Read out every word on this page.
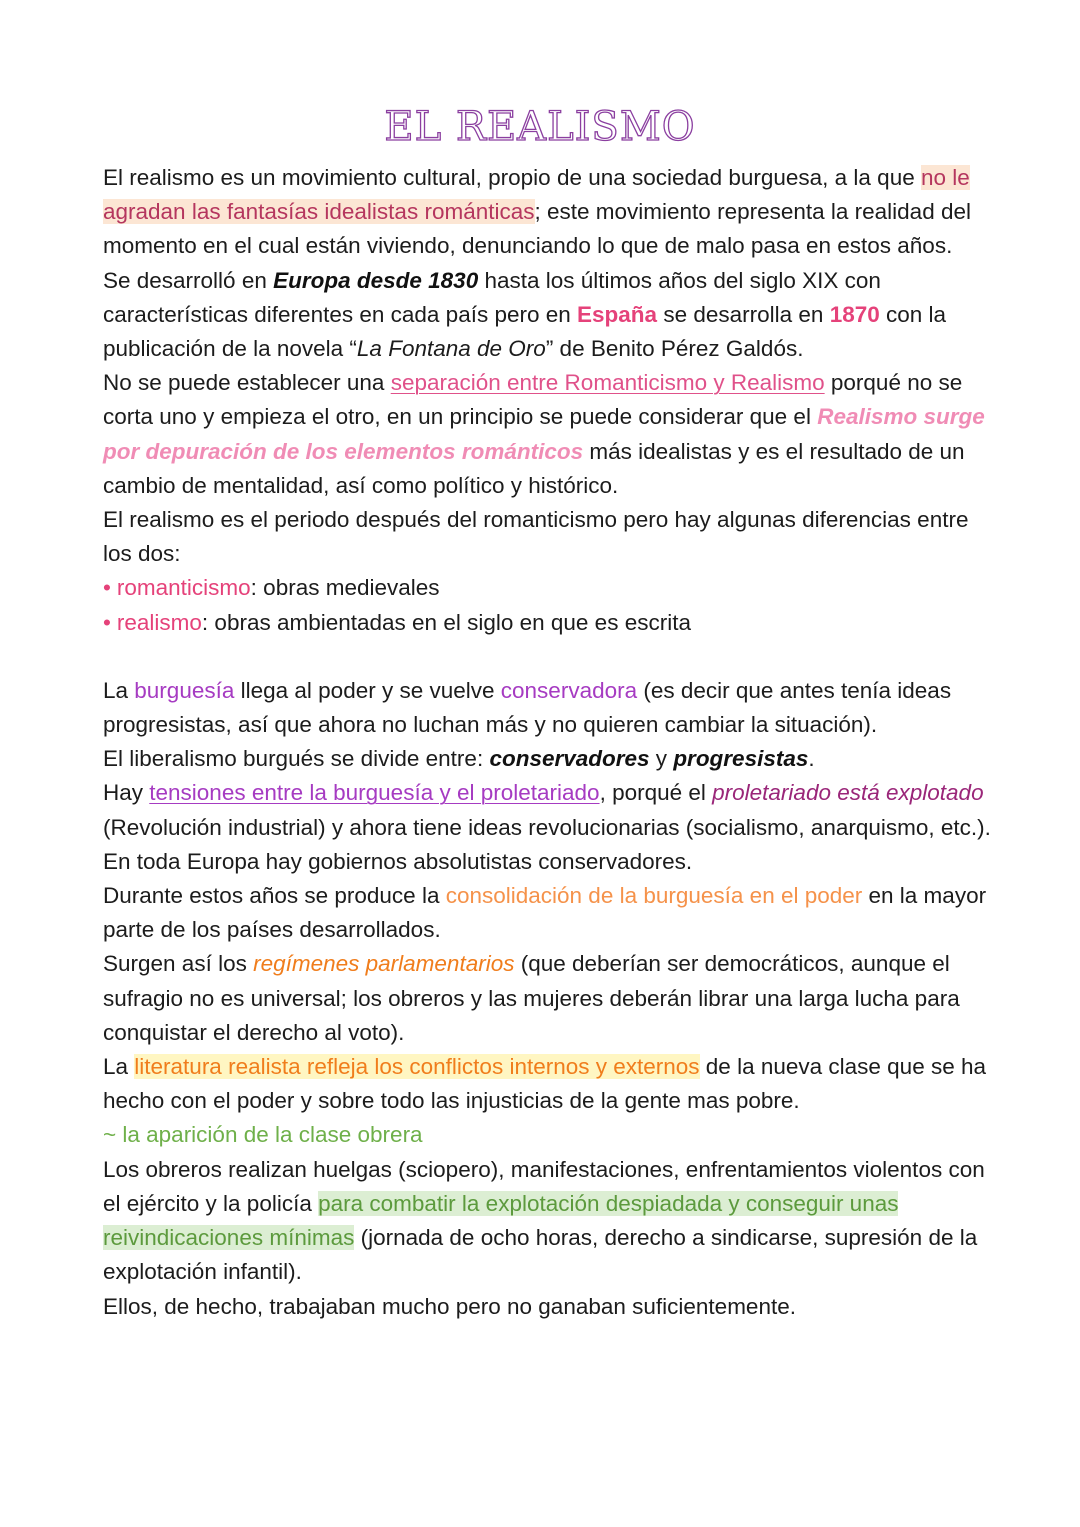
EL REALISMO

El realismo es un movimiento cultural, propio de una sociedad burguesa, a la que no le agradan las fantasías idealistas románticas; este movimiento representa la realidad del momento en el cual están viviendo, denunciando lo que de malo pasa en estos años.

Se desarrolló en Europa desde 1830 hasta los últimos años del siglo XIX con características diferentes en cada país pero en España se desarrolla en 1870 con la publicación de la novela “La Fontana de Oro” de Benito Pérez Galdós.

No se puede establecer una separación entre Romanticismo y Realismo porqué no se corta uno y empieza el otro, en un principio se puede considerar que el Realismo surge por depuración de los elementos románticos más idealistas y es el resultado de un cambio de mentalidad, así como político y histórico.

El realismo es el periodo después del romanticismo pero hay algunas diferencias entre los dos:

• romanticismo: obras medievales

• realismo: obras ambientadas en el siglo en que es escrita

La burguesía llega al poder y se vuelve conservadora (es decir que antes tenía ideas progresistas, así que ahora no luchan más y no quieren cambiar la situación).

El liberalismo burgués se divide entre: conservadores y progresistas.

Hay tensiones entre la burguesía y el proletariado, porqué el proletariado está explotado (Revolución industrial) y ahora tiene ideas revolucionarias (socialismo, anarquismo, etc.).

En toda Europa hay gobiernos absolutistas conservadores.

Durante estos años se produce la consolidación de la burguesía en el poder en la mayor parte de los países desarrollados.

Surgen así los regímenes parlamentarios (que deberían ser democráticos, aunque el sufragio no es universal; los obreros y las mujeres deberán librar una larga lucha para conquistar el derecho al voto).

La literatura realista refleja los conflictos internos y externos de la nueva clase que se ha hecho con el poder y sobre todo las injusticias de la gente mas pobre.

~ la aparición de la clase obrera

Los obreros realizan huelgas (sciopero), manifestaciones, enfrentamientos violentos con el ejército y la policía para combatir la explotación despiadada y conseguir unas reivindicaciones mínimas (jornada de ocho horas, derecho a sindicarse, supresión de la explotación infantil).

Ellos, de hecho, trabajaban mucho pero no ganaban suficientemente.
